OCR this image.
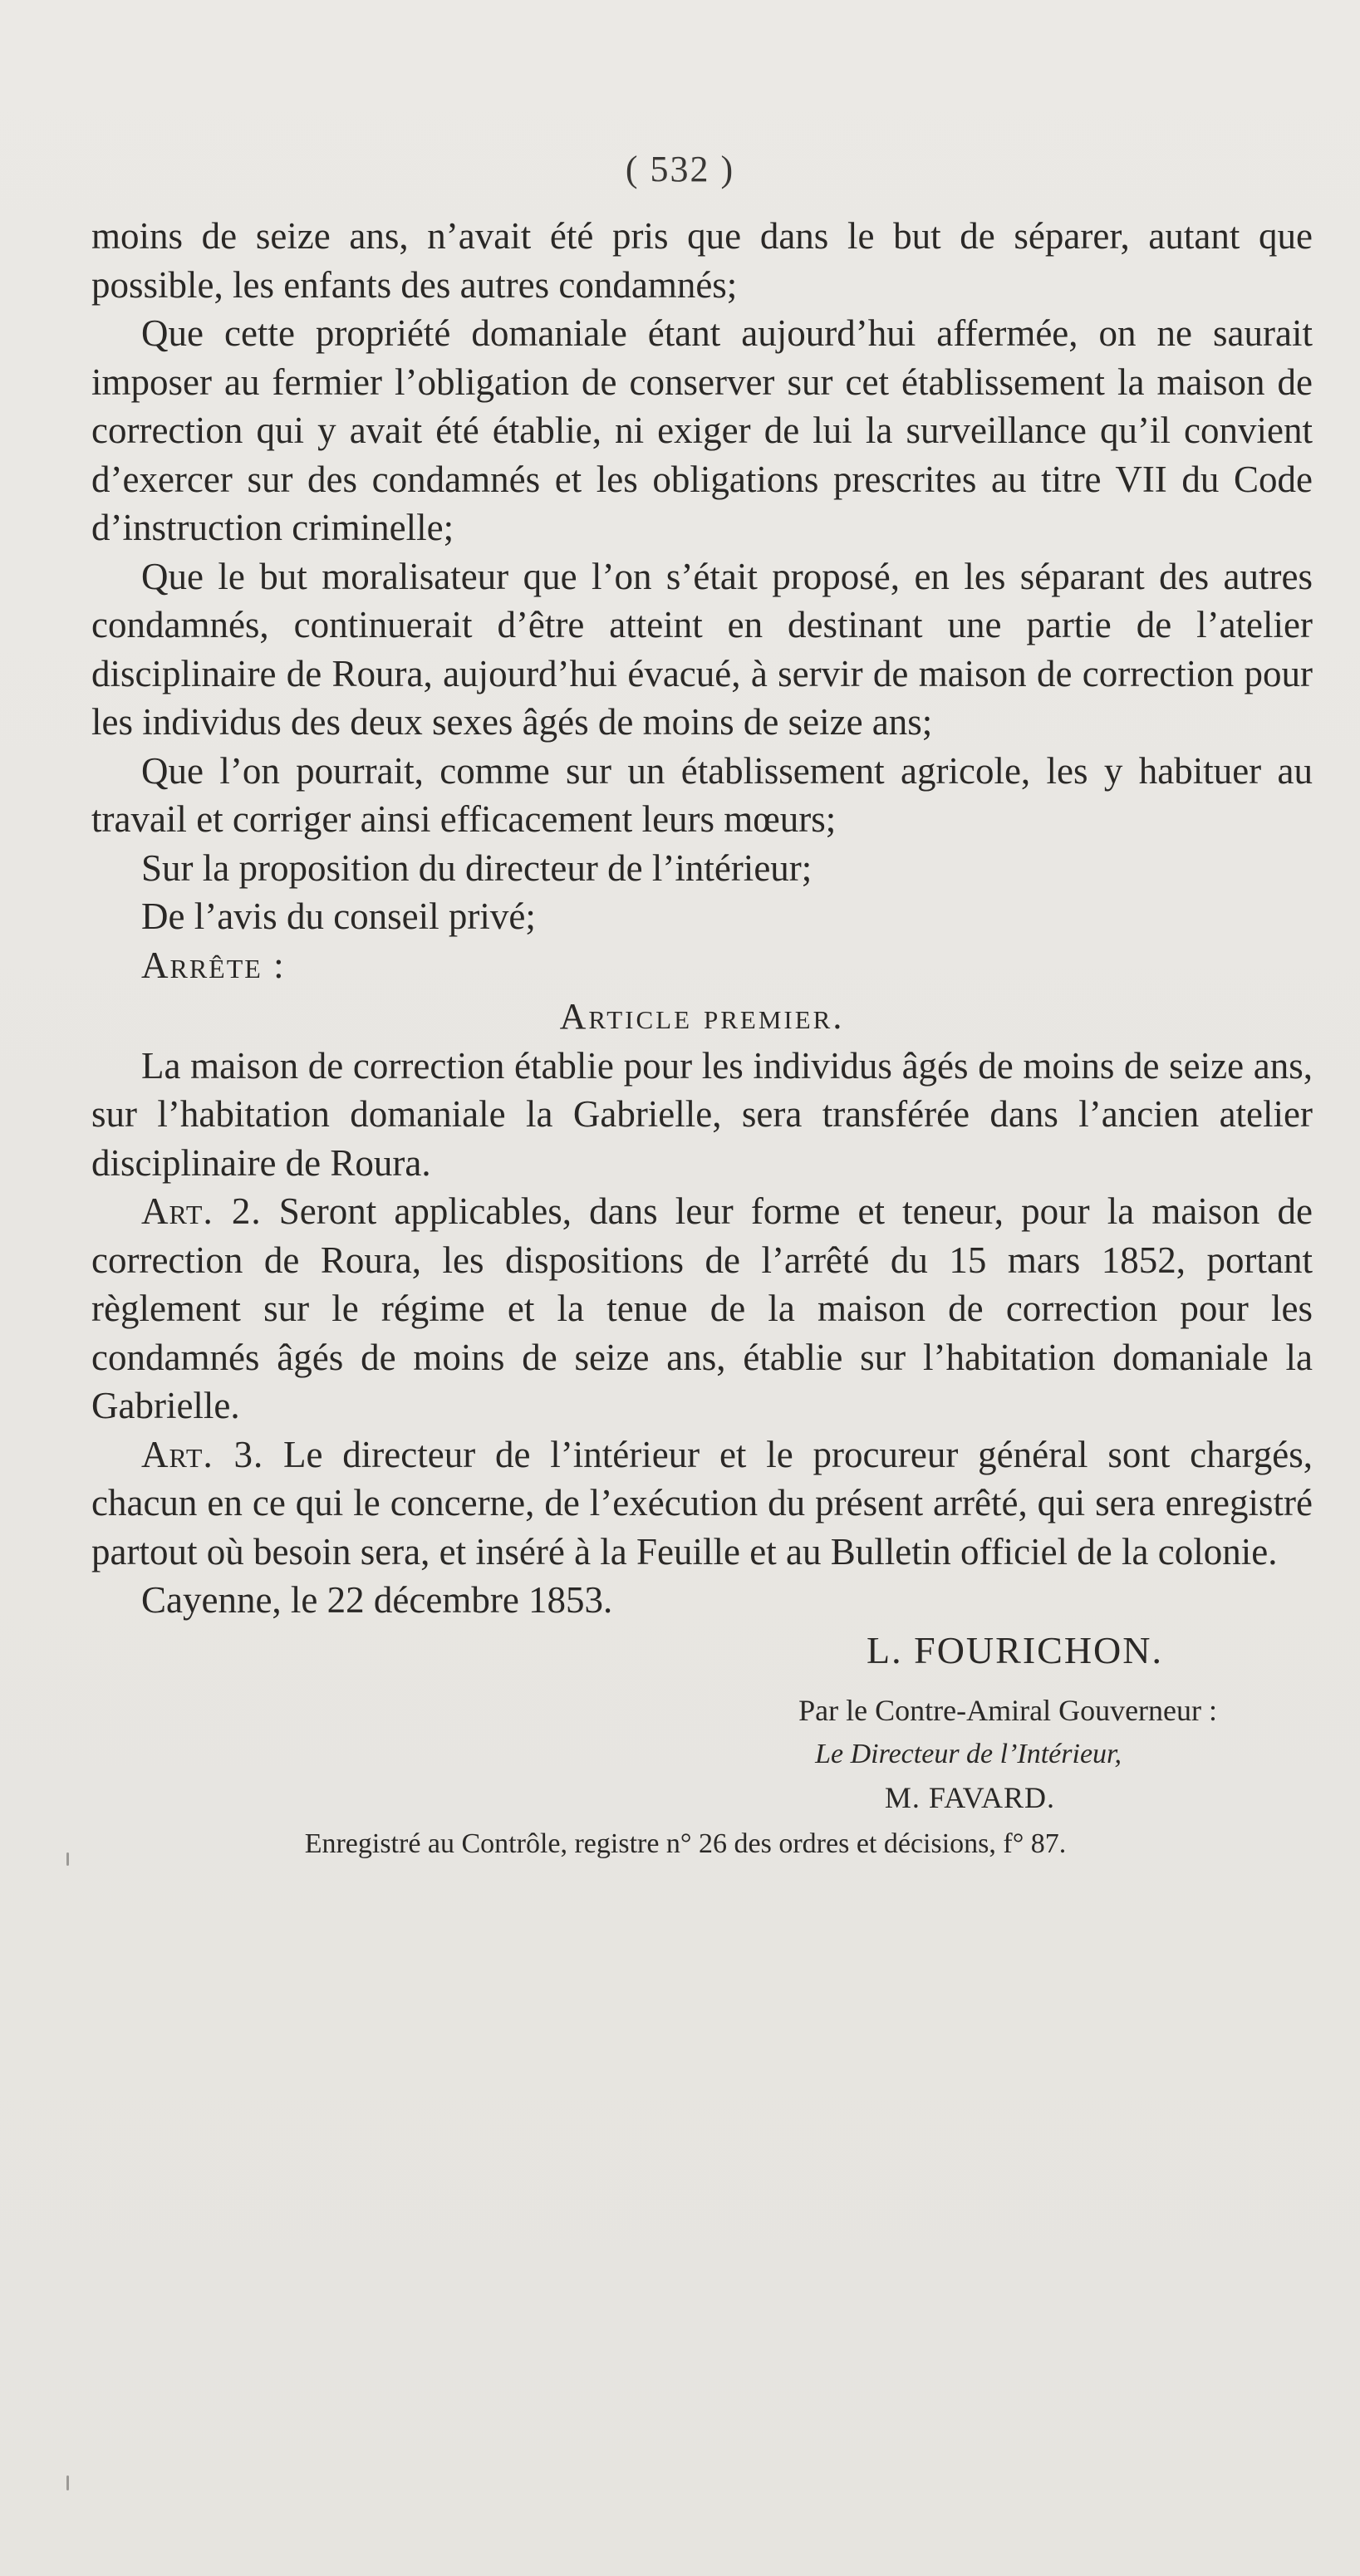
( 532 )

moins de seize ans, n’avait été pris que dans le but de séparer, autant que possible, les enfants des autres condamnés;

Que cette propriété domaniale étant aujourd’hui affermée, on ne saurait imposer au fermier l’obligation de conserver sur cet établissement la maison de correction qui y avait été établie, ni exiger de lui la surveillance qu’il convient d’exercer sur des condamnés et les obligations prescrites au titre VII du Code d’instruction criminelle;

Que le but moralisateur que l’on s’était proposé, en les séparant des autres condamnés, continuerait d’être atteint en destinant une partie de l’atelier disciplinaire de Roura, aujourd’hui évacué, à servir de maison de correction pour les individus des deux sexes âgés de moins de seize ans;

Que l’on pourrait, comme sur un établissement agricole, les y habituer au travail et corriger ainsi efficacement leurs mœurs;

Sur la proposition du directeur de l’intérieur;

De l’avis du conseil privé;

Arrête :

Article premier.

La maison de correction établie pour les individus âgés de moins de seize ans, sur l’habitation domaniale la Gabrielle, sera transférée dans l’ancien atelier disciplinaire de Roura.

Art. 2. Seront applicables, dans leur forme et teneur, pour la maison de correction de Roura, les dispositions de l’arrêté du 15 mars 1852, portant règlement sur le régime et la tenue de la maison de correction pour les condamnés âgés de moins de seize ans, établie sur l’habitation domaniale la Gabrielle.

Art. 3. Le directeur de l’intérieur et le procureur général sont chargés, chacun en ce qui le concerne, de l’exécution du présent arrêté, qui sera enregistré partout où besoin sera, et inséré à la Feuille et au Bulletin officiel de la colonie.

Cayenne, le 22 décembre 1853.

L. FOURICHON.

Par le Contre-Amiral Gouverneur :

Le Directeur de l’Intérieur,

M. FAVARD.

Enregistré au Contrôle, registre n° 26 des ordres et décisions, f° 87.
